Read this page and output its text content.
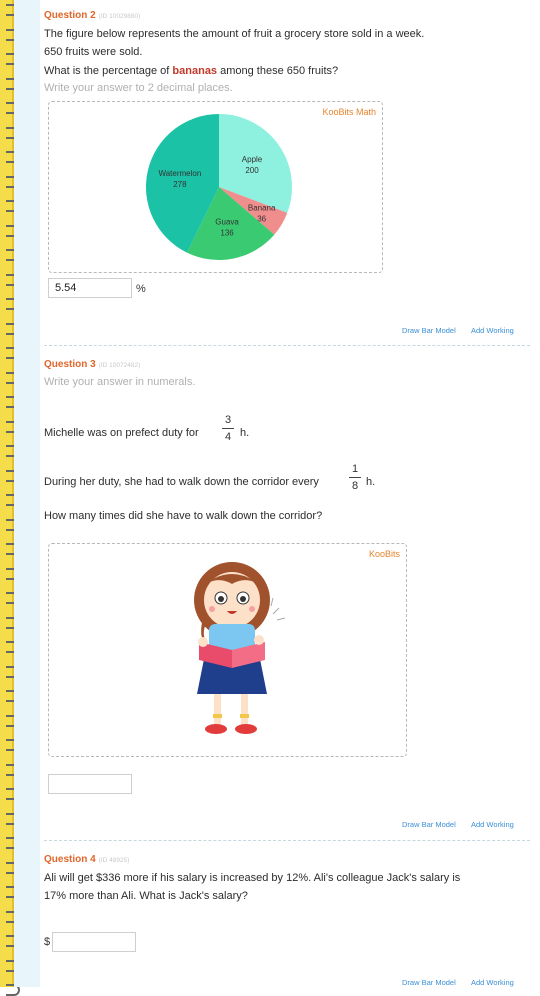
Question 2 (ID 10029880)
The figure below represents the amount of fruit a grocery store sold in a week.
650 fruits were sold.
What is the percentage of bananas among these 650 fruits?
Write your answer to 2 decimal places.
KooBits Math
Apple
200
Banana
36
Guava
136
Watermelon
278
5.54	%
Draw Bar Model Add Working
Question 3 (ID 10072482)
Write your answer in numerals.
Michelle was on prefect duty for
3
4 h.
During her duty, she had to walk down the corridor every
1
8 h.
How many times did she have to walk down the corridor?
KooBits
Draw Bar Model Add Working
Question 4 (ID 48925)
Ali will get $336 more if his salary is increased by 12%. Ali's colleague Jack's salary is
17% more than Ali. What is Jack's salary?
$
Draw Bar Model Add Working
